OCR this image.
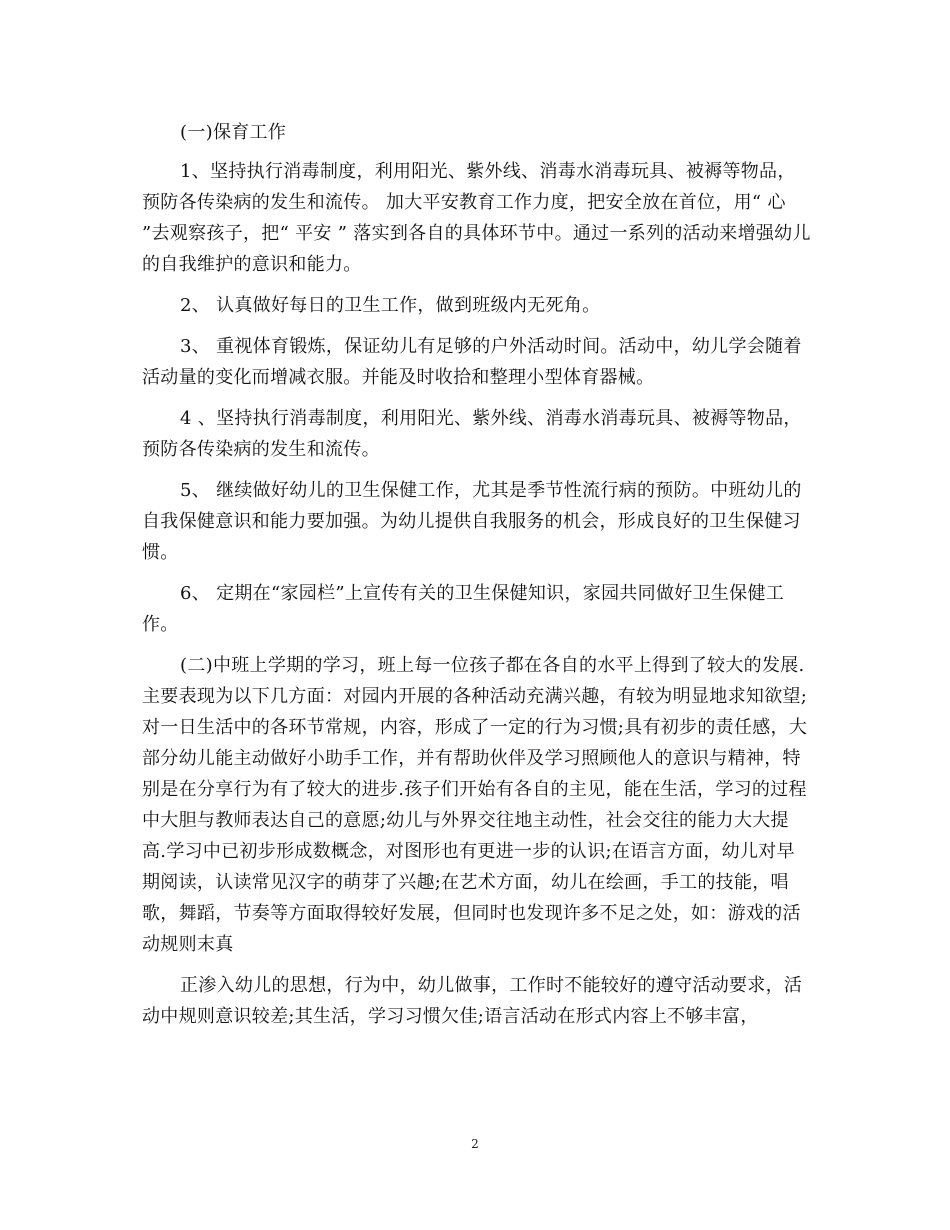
(一)保育工作

1、坚持执行消毒制度，利用阳光、紫外线、消毒水消毒玩具、被褥等物品，预防各传染病的发生和流传。 加大平安教育工作力度，把安全放在首位，用“ 心 ”去观察孩子，把“ 平安 ” 落实到各自的具体环节中。通过一系列的活动来增强幼儿的自我维护的意识和能力。

2、 认真做好每日的卫生工作，做到班级内无死角。

3、 重视体育锻炼，保证幼儿有足够的户外活动时间。活动中，幼儿学会随着活动量的变化而增减衣服。并能及时收拾和整理小型体育器械。

4 、坚持执行消毒制度，利用阳光、紫外线、消毒水消毒玩具、被褥等物品，预防各传染病的发生和流传。

5、 继续做好幼儿的卫生保健工作，尤其是季节性流行病的预防。中班幼儿的自我保健意识和能力要加强。为幼儿提供自我服务的机会，形成良好的卫生保健习惯。

6、 定期在“家园栏”上宣传有关的卫生保健知识，家园共同做好卫生保健工作。

(二)中班上学期的学习，班上每一位孩子都在各自的水平上得到了较大的发展.主要表现为以下几方面：对园内开展的各种活动充满兴趣，有较为明显地求知欲望;对一日生活中的各环节常规，内容，形成了一定的行为习惯;具有初步的责任感，大部分幼儿能主动做好小助手工作，并有帮助伙伴及学习照顾他人的意识与精神，特别是在分享行为有了较大的进步.孩子们开始有各自的主见，能在生活，学习的过程中大胆与教师表达自己的意愿;幼儿与外界交往地主动性，社会交往的能力大大提高.学习中已初步形成数概念，对图形也有更进一步的认识;在语言方面，幼儿对早期阅读，认读常见汉字的萌芽了兴趣;在艺术方面，幼儿在绘画，手工的技能，唱歌，舞蹈，节奏等方面取得较好发展，但同时也发现许多不足之处，如：游戏的活动规则末真

正渗入幼儿的思想，行为中，幼儿做事，工作时不能较好的遵守活动要求，活动中规则意识较差;其生活，学习习惯欠佳;语言活动在形式内容上不够丰富，

2
